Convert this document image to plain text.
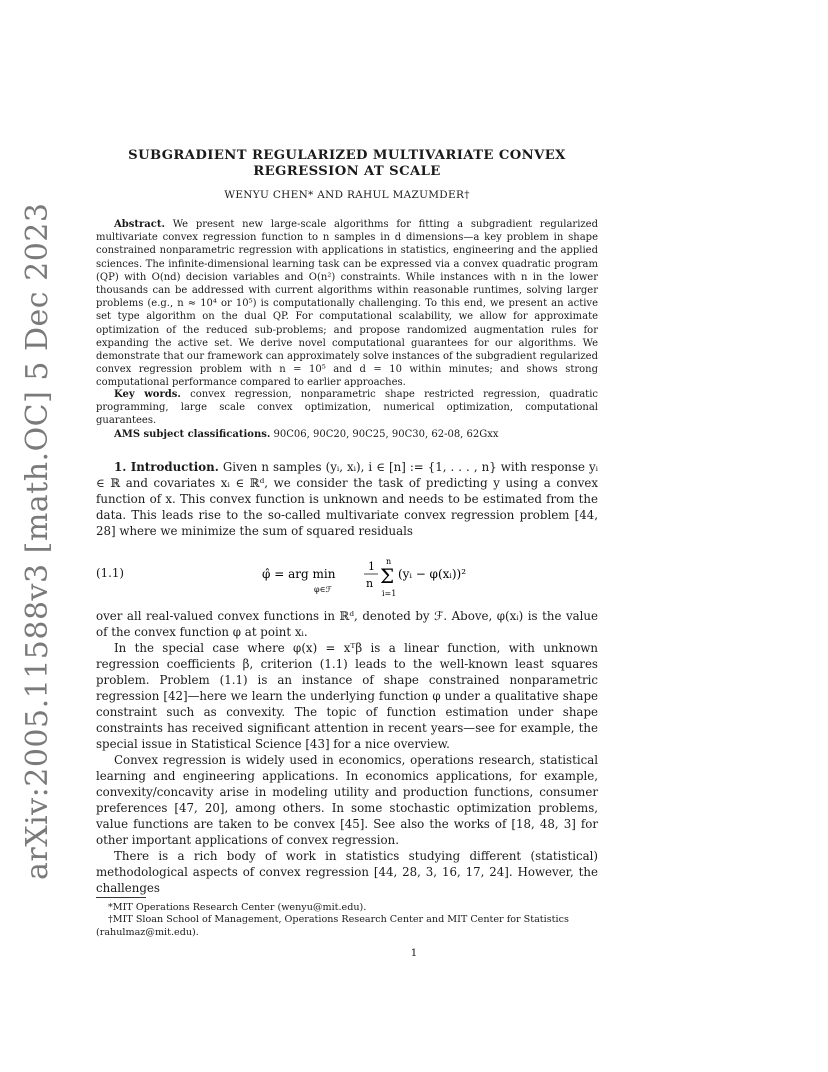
arXiv:2005.11588v3 [math.OC] 5 Dec 2023
SUBGRADIENT REGULARIZED MULTIVARIATE CONVEX
REGRESSION AT SCALE
WENYU CHEN* AND RAHUL MAZUMDER†

Abstract. We present new large-scale algorithms for fitting a subgradient regularized multivariate convex regression function to n samples in d dimensions—a key problem in shape constrained nonparametric regression with applications in statistics, engineering and the applied sciences. The infinite-dimensional learning task can be expressed via a convex quadratic program (QP) with O(nd) decision variables and O(n²) constraints. While instances with n in the lower thousands can be addressed with current algorithms within reasonable runtimes, solving larger problems (e.g., n ≈ 10⁴ or 10⁵) is computationally challenging. To this end, we present an active set type algorithm on the dual QP. For computational scalability, we allow for approximate optimization of the reduced sub-problems; and propose randomized augmentation rules for expanding the active set. We derive novel computational guarantees for our algorithms. We demonstrate that our framework can approximately solve instances of the subgradient regularized convex regression problem with n = 10⁵ and d = 10 within minutes; and shows strong computational performance compared to earlier approaches.

Key words. convex regression, nonparametric shape restricted regression, quadratic programming, large scale convex optimization, numerical optimization, computational guarantees.

AMS subject classifications. 90C06, 90C20, 90C25, 90C30, 62-08, 62Gxx

1. Introduction. Given n samples (yᵢ, xᵢ), i ∈ [n] := {1, . . . , n} with response yᵢ ∈ ℝ and covariates xᵢ ∈ ℝᵈ, we consider the task of predicting y using a convex function of x. This convex function is unknown and needs to be estimated from the data. This leads rise to the so-called multivariate convex regression problem [44, 28] where we minimize the sum of squared residuals

(1.1)	φ̂ = arg min
φ∈ℱ
1
n
n
Σ
i=1
(yᵢ − φ(xᵢ))²

over all real-valued convex functions in ℝᵈ, denoted by ℱ. Above, φ(xᵢ) is the value of the convex function φ at point xᵢ.

In the special case where φ(x) = xᵀβ is a linear function, with unknown regression coefficients β, criterion (1.1) leads to the well-known least squares problem. Problem (1.1) is an instance of shape constrained nonparametric regression [42]—here we learn the underlying function φ under a qualitative shape constraint such as convexity. The topic of function estimation under shape constraints has received significant attention in recent years—see for example, the special issue in Statistical Science [43] for a nice overview.

Convex regression is widely used in economics, operations research, statistical learning and engineering applications. In economics applications, for example, convexity/concavity arise in modeling utility and production functions, consumer preferences [47, 20], among others. In some stochastic optimization problems, value functions are taken to be convex [45]. See also the works of [18, 48, 3] for other important applications of convex regression.

There is a rich body of work in statistics studying different (statistical) methodological aspects of convex regression [44, 28, 3, 16, 17, 24]. However, the challenges

*MIT Operations Research Center (wenyu@mit.edu).
†MIT Sloan School of Management, Operations Research Center and MIT Center for Statistics (rahulmaz@mit.edu).
1
